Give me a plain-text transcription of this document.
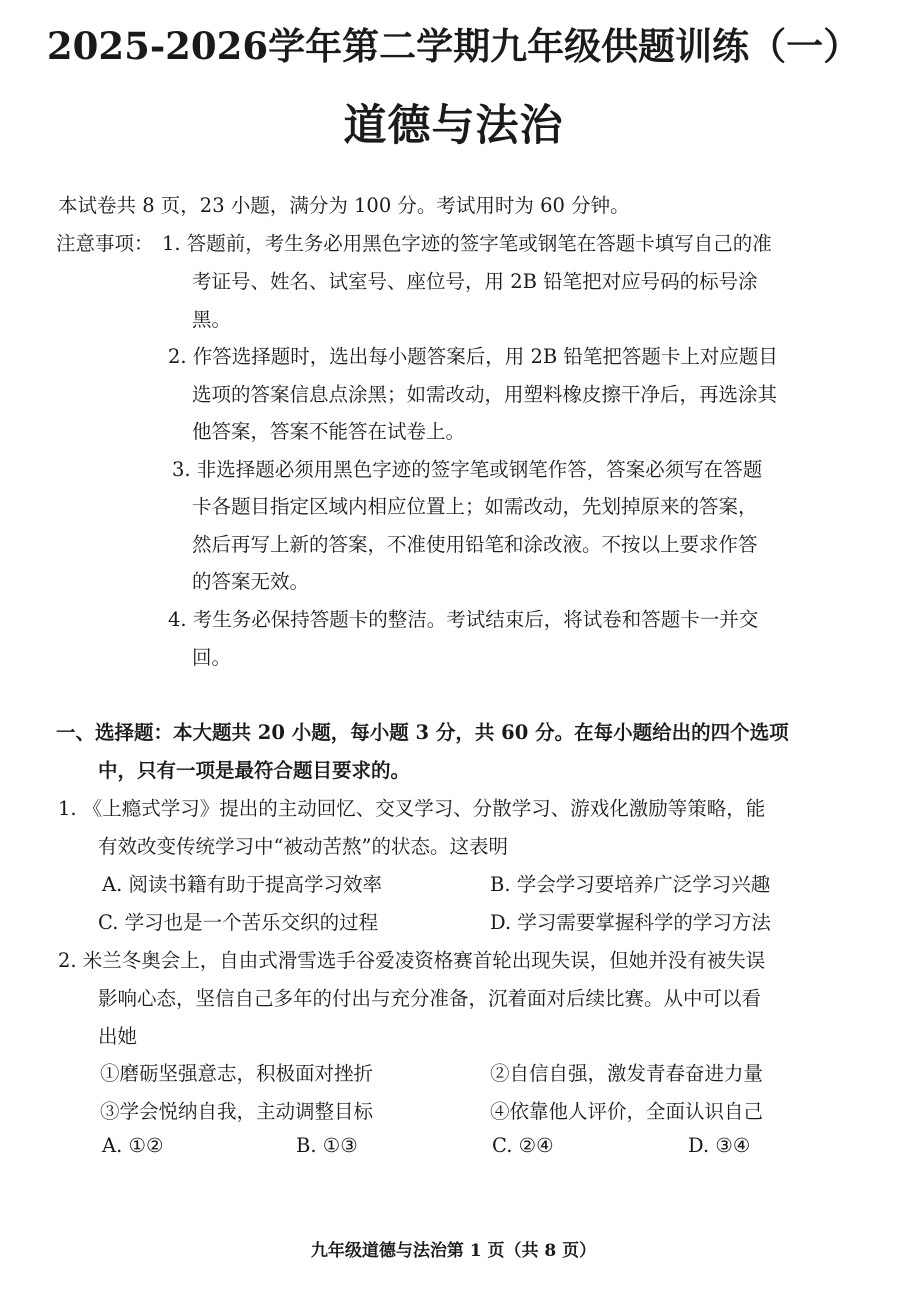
2025-2026学年第二学期九年级供题训练（一）
道德与法治
本试卷共 8 页，23 小题，满分为 100 分。考试用时为 60 分钟。
注意事项： 1. 答题前，考生务必用黑色字迹的签字笔或钢笔在答题卡填写自己的准
考证号、姓名、试室号、座位号，用 2B 铅笔把对应号码的标号涂
黑。
2. 作答选择题时，选出每小题答案后，用 2B 铅笔把答题卡上对应题目
选项的答案信息点涂黑；如需改动，用塑料橡皮擦干净后，再选涂其
他答案，答案不能答在试卷上。
3. 非选择题必须用黑色字迹的签字笔或钢笔作答，答案必须写在答题
卡各题目指定区域内相应位置上；如需改动，先划掉原来的答案，
然后再写上新的答案，不准使用铅笔和涂改液。不按以上要求作答
的答案无效。
4. 考生务必保持答题卡的整洁。考试结束后，将试卷和答题卡一并交
回。
一、选择题：本大题共 20 小题，每小题 3 分，共 60 分。在每小题给出的四个选项
中，只有一项是最符合题目要求的。
1. 《上瘾式学习》提出的主动回忆、交叉学习、分散学习、游戏化激励等策略，能
有效改变传统学习中“被动苦熬”的状态。这表明
A. 阅读书籍有助于提高学习效率	B. 学会学习要培养广泛学习兴趣
C. 学习也是一个苦乐交织的过程	D. 学习需要掌握科学的学习方法
2. 米兰冬奥会上，自由式滑雪选手谷爱凌资格赛首轮出现失误，但她并没有被失误
影响心态，坚信自己多年的付出与充分准备，沉着面对后续比赛。从中可以看
出她
①磨砺坚强意志，积极面对挫折	②自信自强，激发青春奋进力量
③学会悦纳自我，主动调整目标	④依靠他人评价，全面认识自己
A. ①②	B. ①③	C. ②④	D. ③④
九年级道德与法治第 1 页（共 8 页）
